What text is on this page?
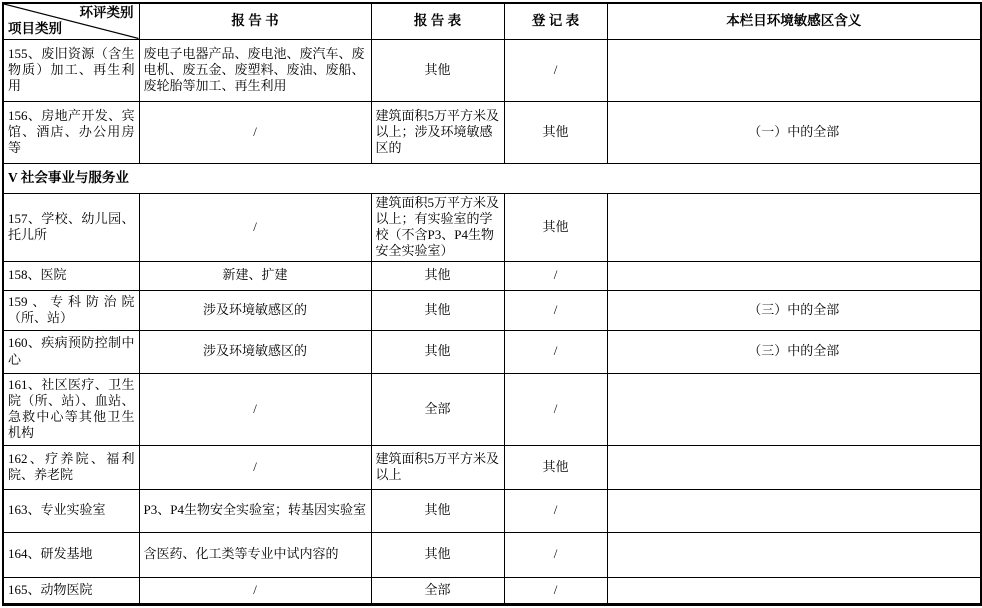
环评类别
项目类别	报 告 书	报 告 表	登 记 表	本栏目环境敏感区含义
155、废旧资源（含生物质）加工、再生利用	废电子电器产品、废电池、废汽车、废电机、废五金、废塑料、废油、废船、废轮胎等加工、再生利用	其他	/	
156、房地产开发、宾馆、酒店、办公用房等	/	建筑面积5万平方米及以上；涉及环境敏感区的	其他	（一）中的全部
V 社会事业与服务业				
157、学校、幼儿园、托儿所	/	建筑面积5万平方米及以上；有实验室的学校（不含P3、P4生物安全实验室）	其他	
158、医院	新建、扩建	其他	/	
159、专科防治院（所、站）	涉及环境敏感区的	其他	/	（三）中的全部
160、疾病预防控制中心	涉及环境敏感区的	其他	/	（三）中的全部
161、社区医疗、卫生院（所、站）、血站、急救中心等其他卫生机构	/	全部	/	
162、疗养院、福利院、养老院	/	建筑面积5万平方米及以上	其他	
163、专业实验室	P3、P4生物安全实验室；转基因实验室	其他	/	
164、研发基地	含医药、化工类等专业中试内容的	其他	/	
165、动物医院	/	全部	/	
